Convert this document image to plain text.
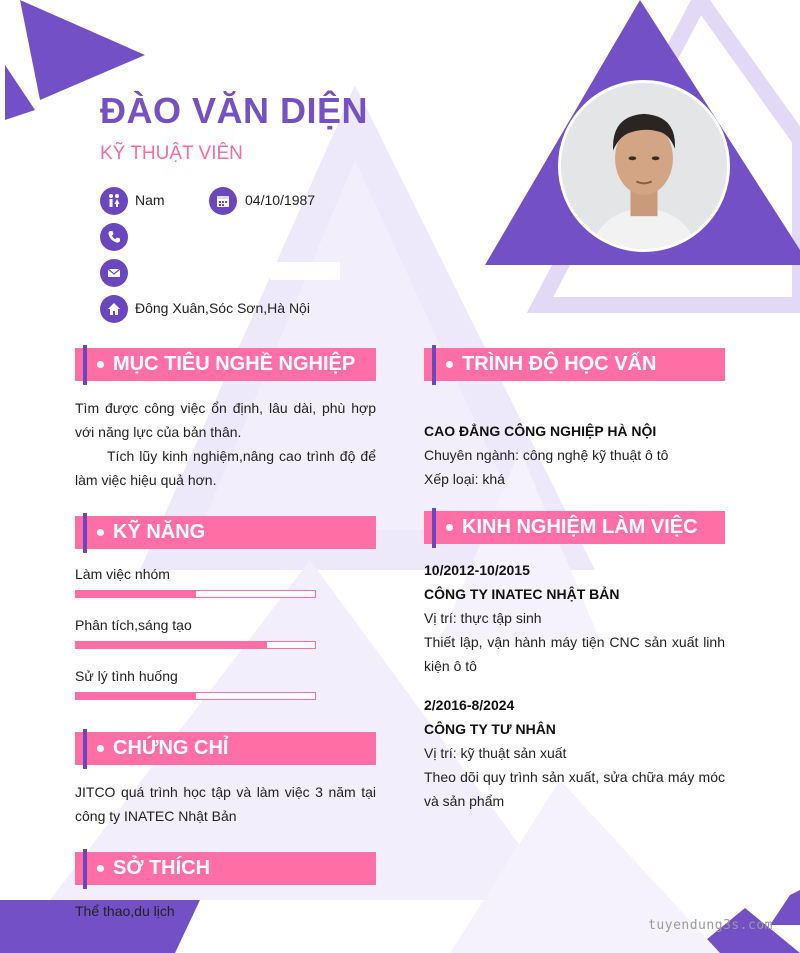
ĐÀO VĂN DIỆN
KỸ THUẬT VIÊN
Nam	04/10/1987
Đông Xuân,Sóc Sơn,Hà Nội
MỤC TIÊU NGHỀ NGHIỆP
Tìm được công việc ổn định, lâu dài, phù hợp với năng lực của bản thân.
Tích lũy kinh nghiệm,nâng cao trình độ để làm việc hiệu quả hơn.
KỸ NĂNG
Làm việc nhóm
Phân tích,sáng tạo
Sử lý tình huống
CHỨNG CHỈ
JITCO quá trình học tập và làm việc 3 năm tại công ty INATEC Nhật Bản
SỞ THÍCH
Thể thao,du lịch
TRÌNH ĐỘ HỌC VẤN
CAO ĐẲNG CÔNG NGHIỆP HÀ NỘI
Chuyên ngành: công nghệ kỹ thuật ô tô
Xếp loại: khá
KINH NGHIỆM LÀM VIỆC
10/2012-10/2015
CÔNG TY INATEC NHẬT BẢN
Vị trí: thực tập sinh
Thiết lập, vận hành máy tiện CNC sản xuất linh kiện ô tô
2/2016-8/2024
CÔNG TY TƯ NHÂN
Vị trí: kỹ thuật sản xuất
Theo dõi quy trình sản xuất, sửa chữa máy móc và sản phẩm
tuyendung3s.com
